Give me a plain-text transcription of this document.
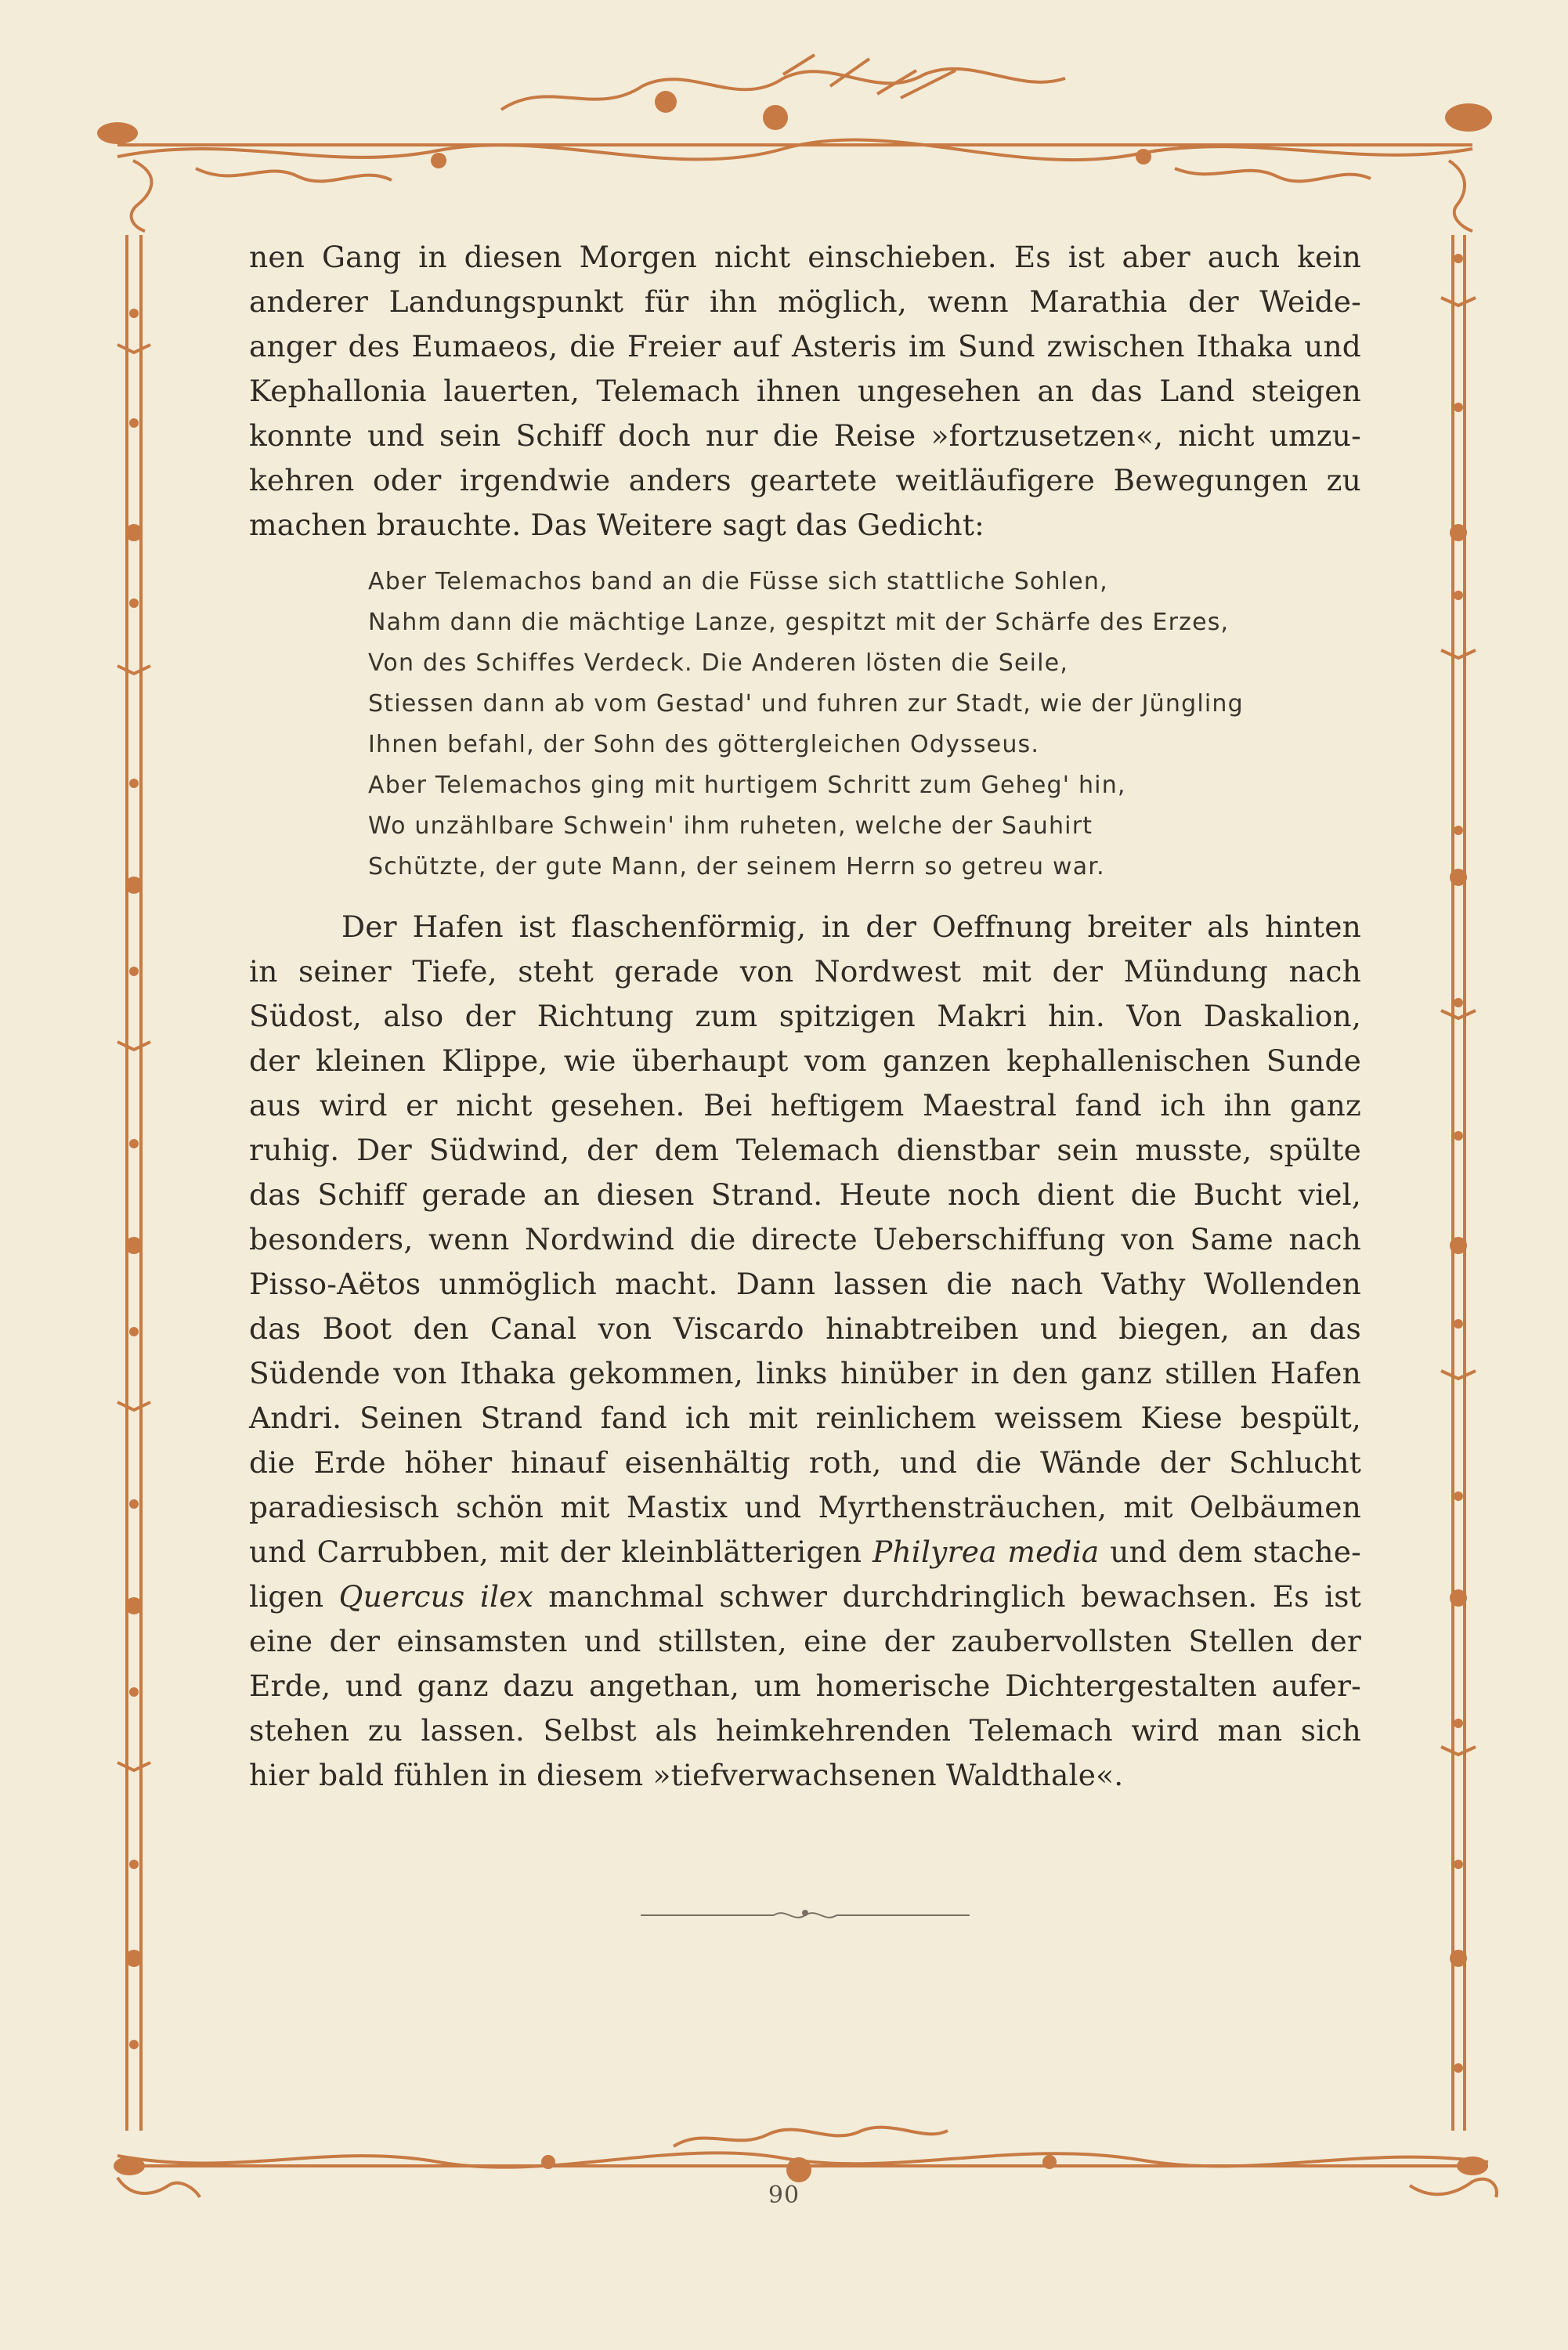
nen Gang in diesen Morgen nicht einschieben. Es ist aber auch kein
anderer Landungspunkt für ihn möglich, wenn Marathia der Weide-
anger des Eumaeos, die Freier auf Asteris im Sund zwischen Ithaka und
Kephallonia lauerten, Telemach ihnen ungesehen an das Land steigen
konnte und sein Schiff doch nur die Reise »fortzusetzen«, nicht umzu-
kehren oder irgendwie anders geartete weitläufigere Bewegungen zu
machen brauchte. Das Weitere sagt das Gedicht:

Aber Telemachos band an die Füsse sich stattliche Sohlen,
Nahm dann die mächtige Lanze, gespitzt mit der Schärfe des Erzes,
Von des Schiffes Verdeck. Die Anderen lösten die Seile,
Stiessen dann ab vom Gestad' und fuhren zur Stadt, wie der Jüngling
Ihnen befahl, der Sohn des göttergleichen Odysseus.
Aber Telemachos ging mit hurtigem Schritt zum Geheg' hin,
Wo unzählbare Schwein' ihm ruheten, welche der Sauhirt
Schützte, der gute Mann, der seinem Herrn so getreu war.

Der Hafen ist flaschenförmig, in der Oeffnung breiter als hinten
in seiner Tiefe, steht gerade von Nordwest mit der Mündung nach
Südost, also der Richtung zum spitzigen Makri hin. Von Daskalion,
der kleinen Klippe, wie überhaupt vom ganzen kephallenischen Sunde
aus wird er nicht gesehen. Bei heftigem Maestral fand ich ihn ganz
ruhig. Der Südwind, der dem Telemach dienstbar sein musste, spülte
das Schiff gerade an diesen Strand. Heute noch dient die Bucht viel,
besonders, wenn Nordwind die directe Ueberschiffung von Same nach
Pisso-Aëtos unmöglich macht. Dann lassen die nach Vathy Wollenden
das Boot den Canal von Viscardo hinabtreiben und biegen, an das
Südende von Ithaka gekommen, links hinüber in den ganz stillen Hafen
Andri. Seinen Strand fand ich mit reinlichem weissem Kiese bespült,
die Erde höher hinauf eisenhältig roth, und die Wände der Schlucht
paradiesisch schön mit Mastix und Myrthensträuchen, mit Oelbäumen
und Carrubben, mit der kleinblätterigen Philyrea media und dem stache-
ligen Quercus ilex manchmal schwer durchdringlich bewachsen. Es ist
eine der einsamsten und stillsten, eine der zaubervollsten Stellen der
Erde, und ganz dazu angethan, um homerische Dichtergestalten aufer-
stehen zu lassen. Selbst als heimkehrenden Telemach wird man sich
hier bald fühlen in diesem »tiefverwachsenen Waldthale«.

90
